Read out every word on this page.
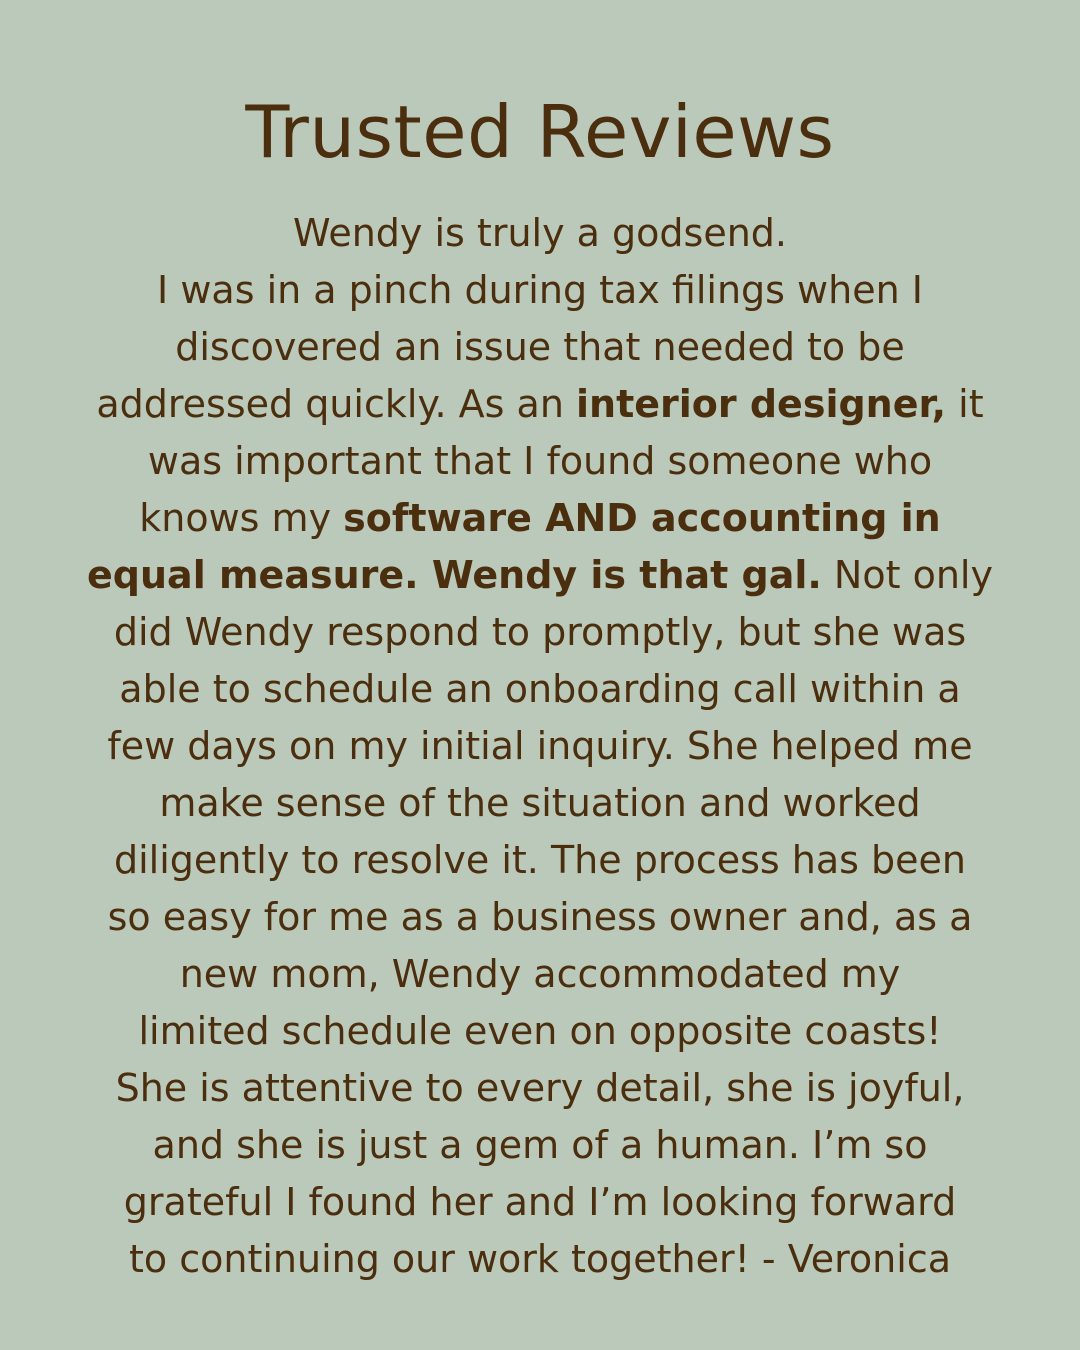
Trusted Reviews

Wendy is truly a godsend.
I was in a pinch during tax filings when I
discovered an issue that needed to be
addressed quickly. As an interior designer, it
was important that I found someone who
knows my software AND accounting in
equal measure. Wendy is that gal. Not only
did Wendy respond to promptly, but she was
able to schedule an onboarding call within a
few days on my initial inquiry. She helped me
make sense of the situation and worked
diligently to resolve it. The process has been
so easy for me as a business owner and, as a
new mom, Wendy accommodated my
limited schedule even on opposite coasts!
She is attentive to every detail, she is joyful,
and she is just a gem of a human. I’m so
grateful I found her and I’m looking forward
to continuing our work together! - Veronica
